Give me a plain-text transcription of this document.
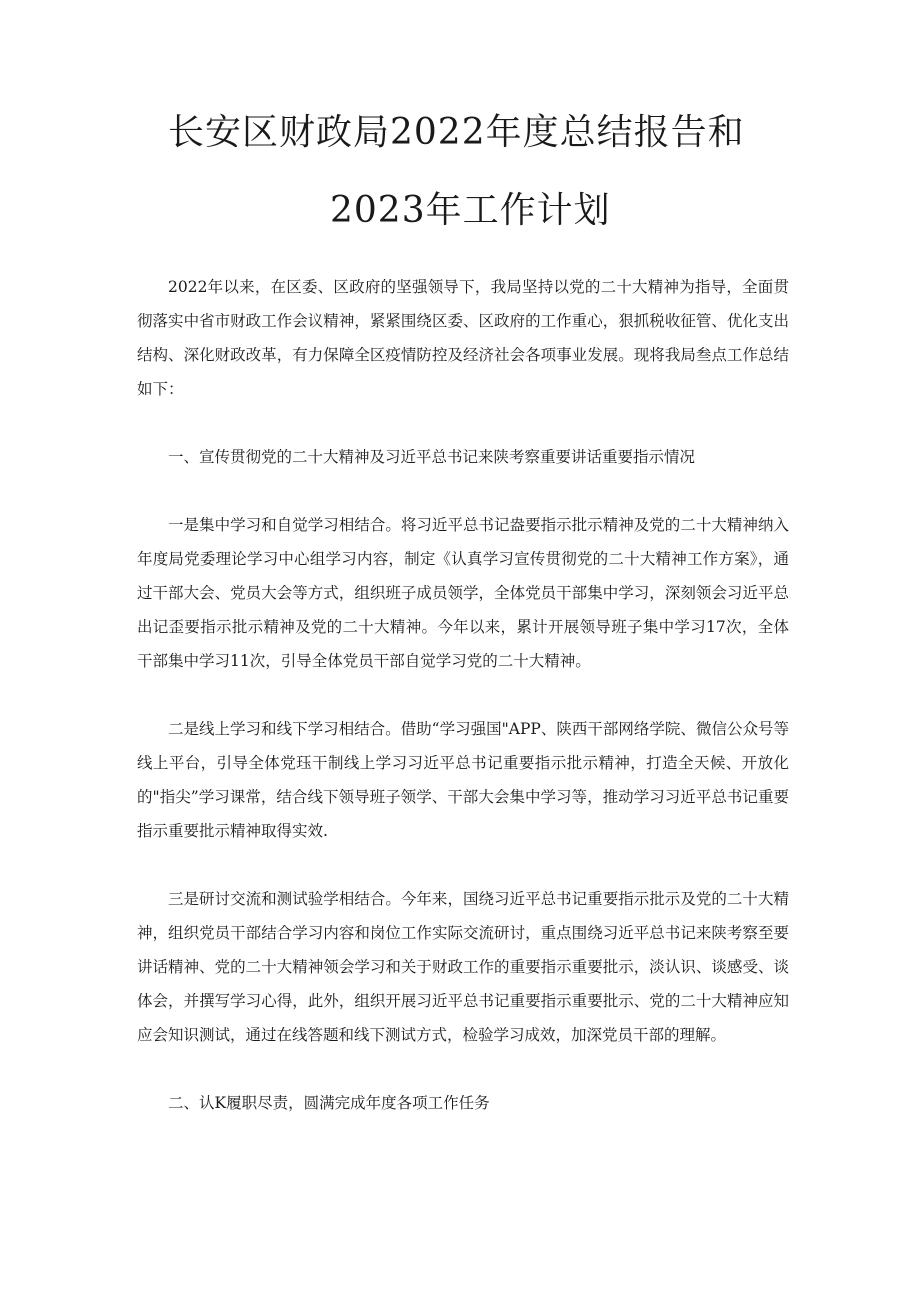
长安区财政局2022年度总结报告和
2023年工作计划

2022年以来，在区委、区政府的坚强领导下，我局坚持以党的二十大精神为指导，全面贯彻落实中省市财政工作会议精神，紧紧围绕区委、区政府的工作重心，狠抓税收征管、优化支出结构、深化财政改革，有力保障全区疫情防控及经济社会各项事业发展。现将我局叁点工作总结如下：

一、宣传贯彻党的二十大精神及习近平总书记来陕考察重要讲话重要指示情况

一是集中学习和自觉学习相结合。将习近平总书记盎要指示批示精神及党的二十大精神纳入年度局党委理论学习中心组学习内容，制定《认真学习宣传贯彻党的二十大精神工作方案》，通过干部大会、党员大会等方式，组织班子成员领学，全体党员干部集中学习，深刻领会习近平总出记歪要指示批示精神及党的二十大精神。今年以来，累计开展领导班子集中学习17次，全体干部集中学习11次，引导全体党员干部自觉学习党的二十大精神。

二是线上学习和线下学习相结合。借助“学习强国"APP、陕西干部网络学院、微信公众号等线上平台，引导全体党珏干制线上学习习近平总书记重要指示批示精神，打造全天候、开放化的"指尖”学习课常，结合线下领导班子领学、干部大会集中学习等，推动学习习近平总书记重要指示重要批示精神取得实效.

三是研讨交流和测试验学相结合。今年来，国绕习近平总书记重要指示批示及党的二十大精神，组织党员干部结合学习内容和岗位工作实际交流研讨，重点围绕习近平总书记来陕考察至要讲话精神、党的二十大精神领会学习和关于财政工作的重要指示重要批示，淡认识、谈感受、谈体会，并撰写学习心得，此外，组织开展习近平总书记重要指示重要批示、党的二十大精神应知应会知识测试，通过在线答题和线下测试方式，检验学习成效，加深党员干部的理解。

二、认K履职尽责，圆满完成年度各项工作任务
